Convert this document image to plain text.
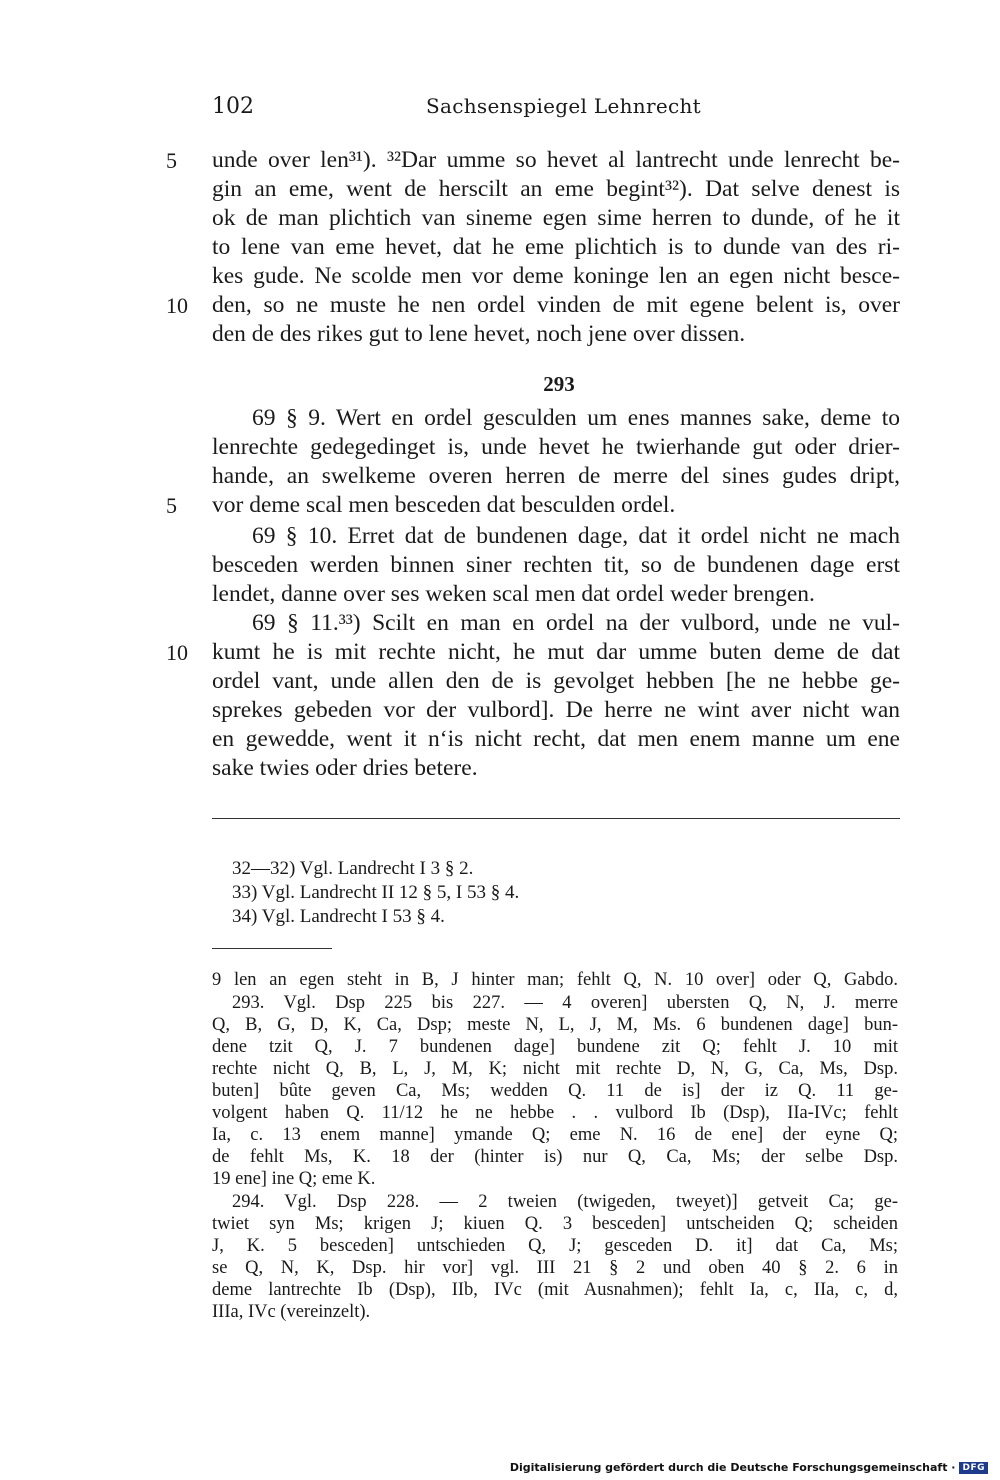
102	Sachsenspiegel Lehnrecht
unde over len³¹). ³²Dar umme so hevet al lantrecht unde lenrecht be-
gin an eme, went de herscilt an eme begint³²). Dat selve denest is
ok de man plichtich van sineme egen sime herren to dunde, of he it
to lene van eme hevet, dat he eme plichtich is to dunde van des ri-
kes gude. Ne scolde men vor deme koninge len an egen nicht besce-
den, so ne muste he nen ordel vinden de mit egene belent is, over
den de des rikes gut to lene hevet, noch jene over dissen.
5
10
293
69 § 9. Wert en ordel gesculden um enes mannes sake, deme to
lenrechte gedegedinget is, unde hevet he twierhande gut oder drier-
hande, an swelkeme overen herren de merre del sines gudes dript,
vor deme scal men besceden dat besculden ordel.
69 § 10. Erret dat de bundenen dage, dat it ordel nicht ne mach
besceden werden binnen siner rechten tit, so de bundenen dage erst
lendet, danne over ses weken scal men dat ordel weder brengen.
69 § 11.³³) Scilt en man en ordel na der vulbord, unde ne vul-
kumt he is mit rechte nicht, he mut dar umme buten deme de dat
ordel vant, unde allen den de is gevolget hebben [he ne hebbe ge-
sprekes gebeden vor der vulbord]. De herre ne wint aver nicht wan
en gewedde, went it n‘is nicht recht, dat men enem manne um ene
sake twies oder dries betere.
5
10
32—32) Vgl. Landrecht I 3 § 2.
33) Vgl. Landrecht II 12 § 5, I 53 § 4.
34) Vgl. Landrecht I 53 § 4.
9 len an egen steht in B, J hinter man; fehlt Q, N. 10 over] oder Q, Gabdo.
293. Vgl. Dsp 225 bis 227. — 4 overen] ubersten Q, N, J. merre
Q, B, G, D, K, Ca, Dsp; meste N, L, J, M, Ms. 6 bundenen dage] bun-
dene tzit Q, J. 7 bundenen dage] bundene zit Q; fehlt J. 10 mit
rechte nicht Q, B, L, J, M, K; nicht mit rechte D, N, G, Ca, Ms, Dsp.
buten] bûte geven Ca, Ms; wedden Q. 11 de is] der iz Q. 11 ge-
volgent haben Q. 11/12 he ne hebbe . . vulbord Ib (Dsp), IIa-IVc; fehlt
Ia, c. 13 enem manne] ymande Q; eme N. 16 de ene] der eyne Q;
de fehlt Ms, K. 18 der (hinter is) nur Q, Ca, Ms; der selbe Dsp.
19 ene] ine Q; eme K.
294. Vgl. Dsp 228. — 2 tweien (twigeden, tweyet)] getveit Ca; ge-
twiet syn Ms; krigen J; kiuen Q. 3 besceden] untscheiden Q; scheiden
J, K. 5 besceden] untschieden Q, J; gesceden D. it] dat Ca, Ms;
se Q, N, K, Dsp. hir vor] vgl. III 21 § 2 und oben 40 § 2. 6 in
deme lantrechte Ib (Dsp), IIb, IVc (mit Ausnahmen); fehlt Ia, c, IIa, c, d,
IIIa, IVc (vereinzelt).
Digitalisierung gefördert durch die Deutsche Forschungsgemeinschaft · DFG
